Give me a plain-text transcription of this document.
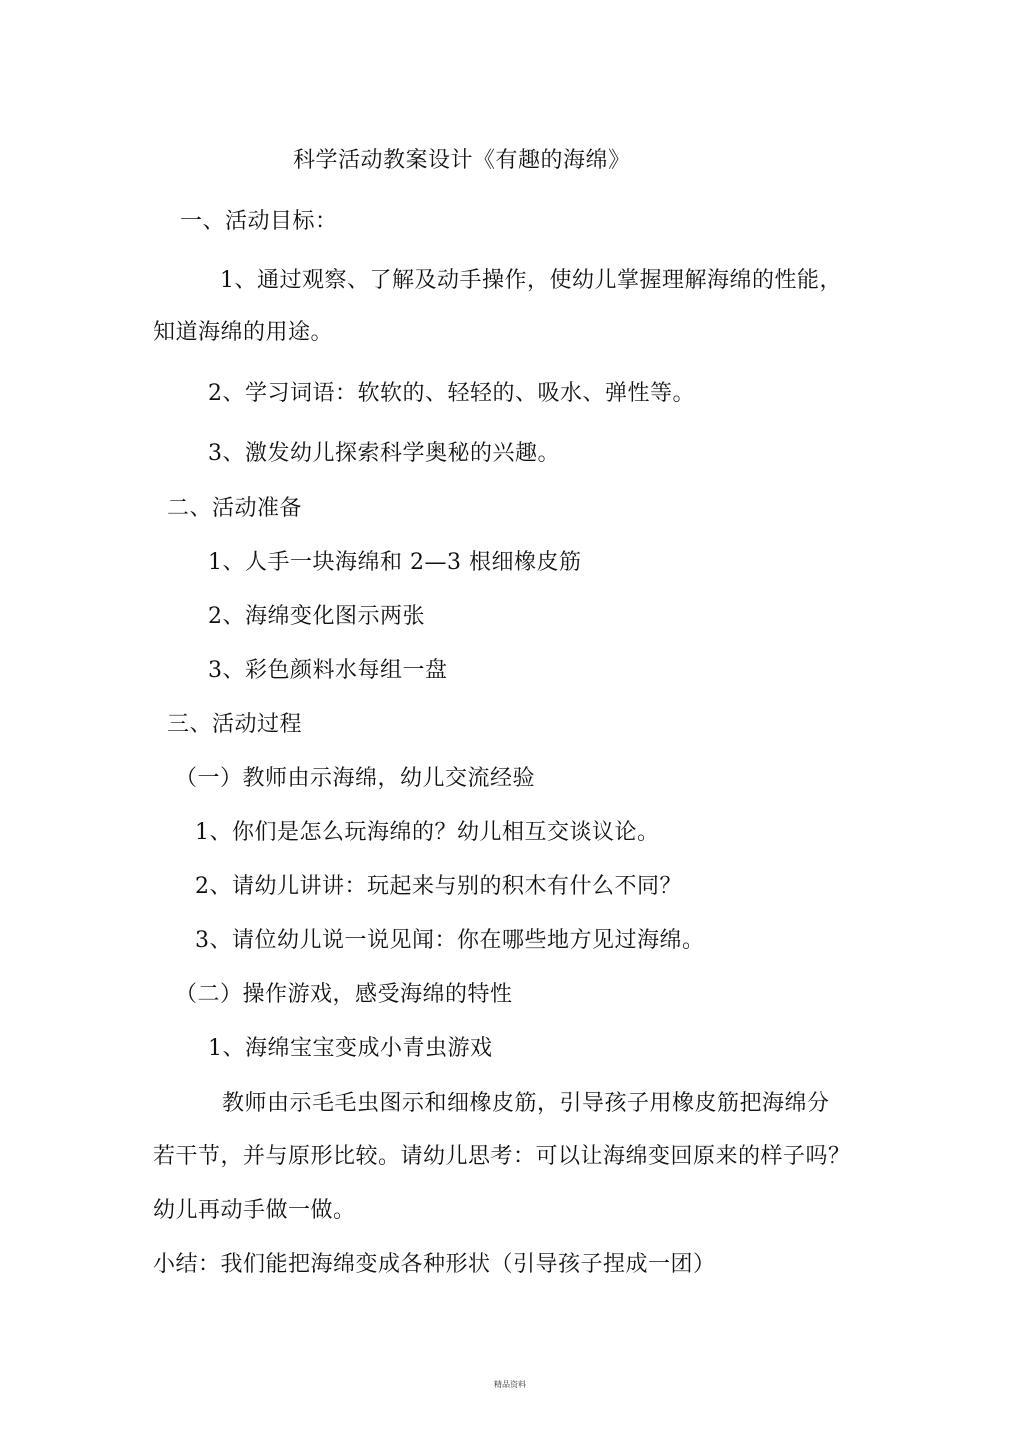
科学活动教案设计《有趣的海绵》
一、活动目标：
1、通过观察、了解及动手操作，使幼儿掌握理解海绵的性能，
知道海绵的用途。
2、学习词语：软软的、轻轻的、吸水、弹性等。
3、激发幼儿探索科学奥秘的兴趣。
二、活动准备
1、人手一块海绵和 2—3 根细橡皮筋
2、海绵变化图示两张
3、彩色颜料水每组一盘
三、活动过程
（一）教师由示海绵，幼儿交流经验
1、你们是怎么玩海绵的？幼儿相互交谈议论。
2、请幼儿讲讲：玩起来与别的积木有什么不同？
3、请位幼儿说一说见闻：你在哪些地方见过海绵。
（二）操作游戏，感受海绵的特性
1、海绵宝宝变成小青虫游戏
教师由示毛毛虫图示和细橡皮筋，引导孩子用橡皮筋把海绵分
若干节，并与原形比较。请幼儿思考：可以让海绵变回原来的样子吗？
幼儿再动手做一做。
小结：我们能把海绵变成各种形状（引导孩子捏成一团）
精品资料
